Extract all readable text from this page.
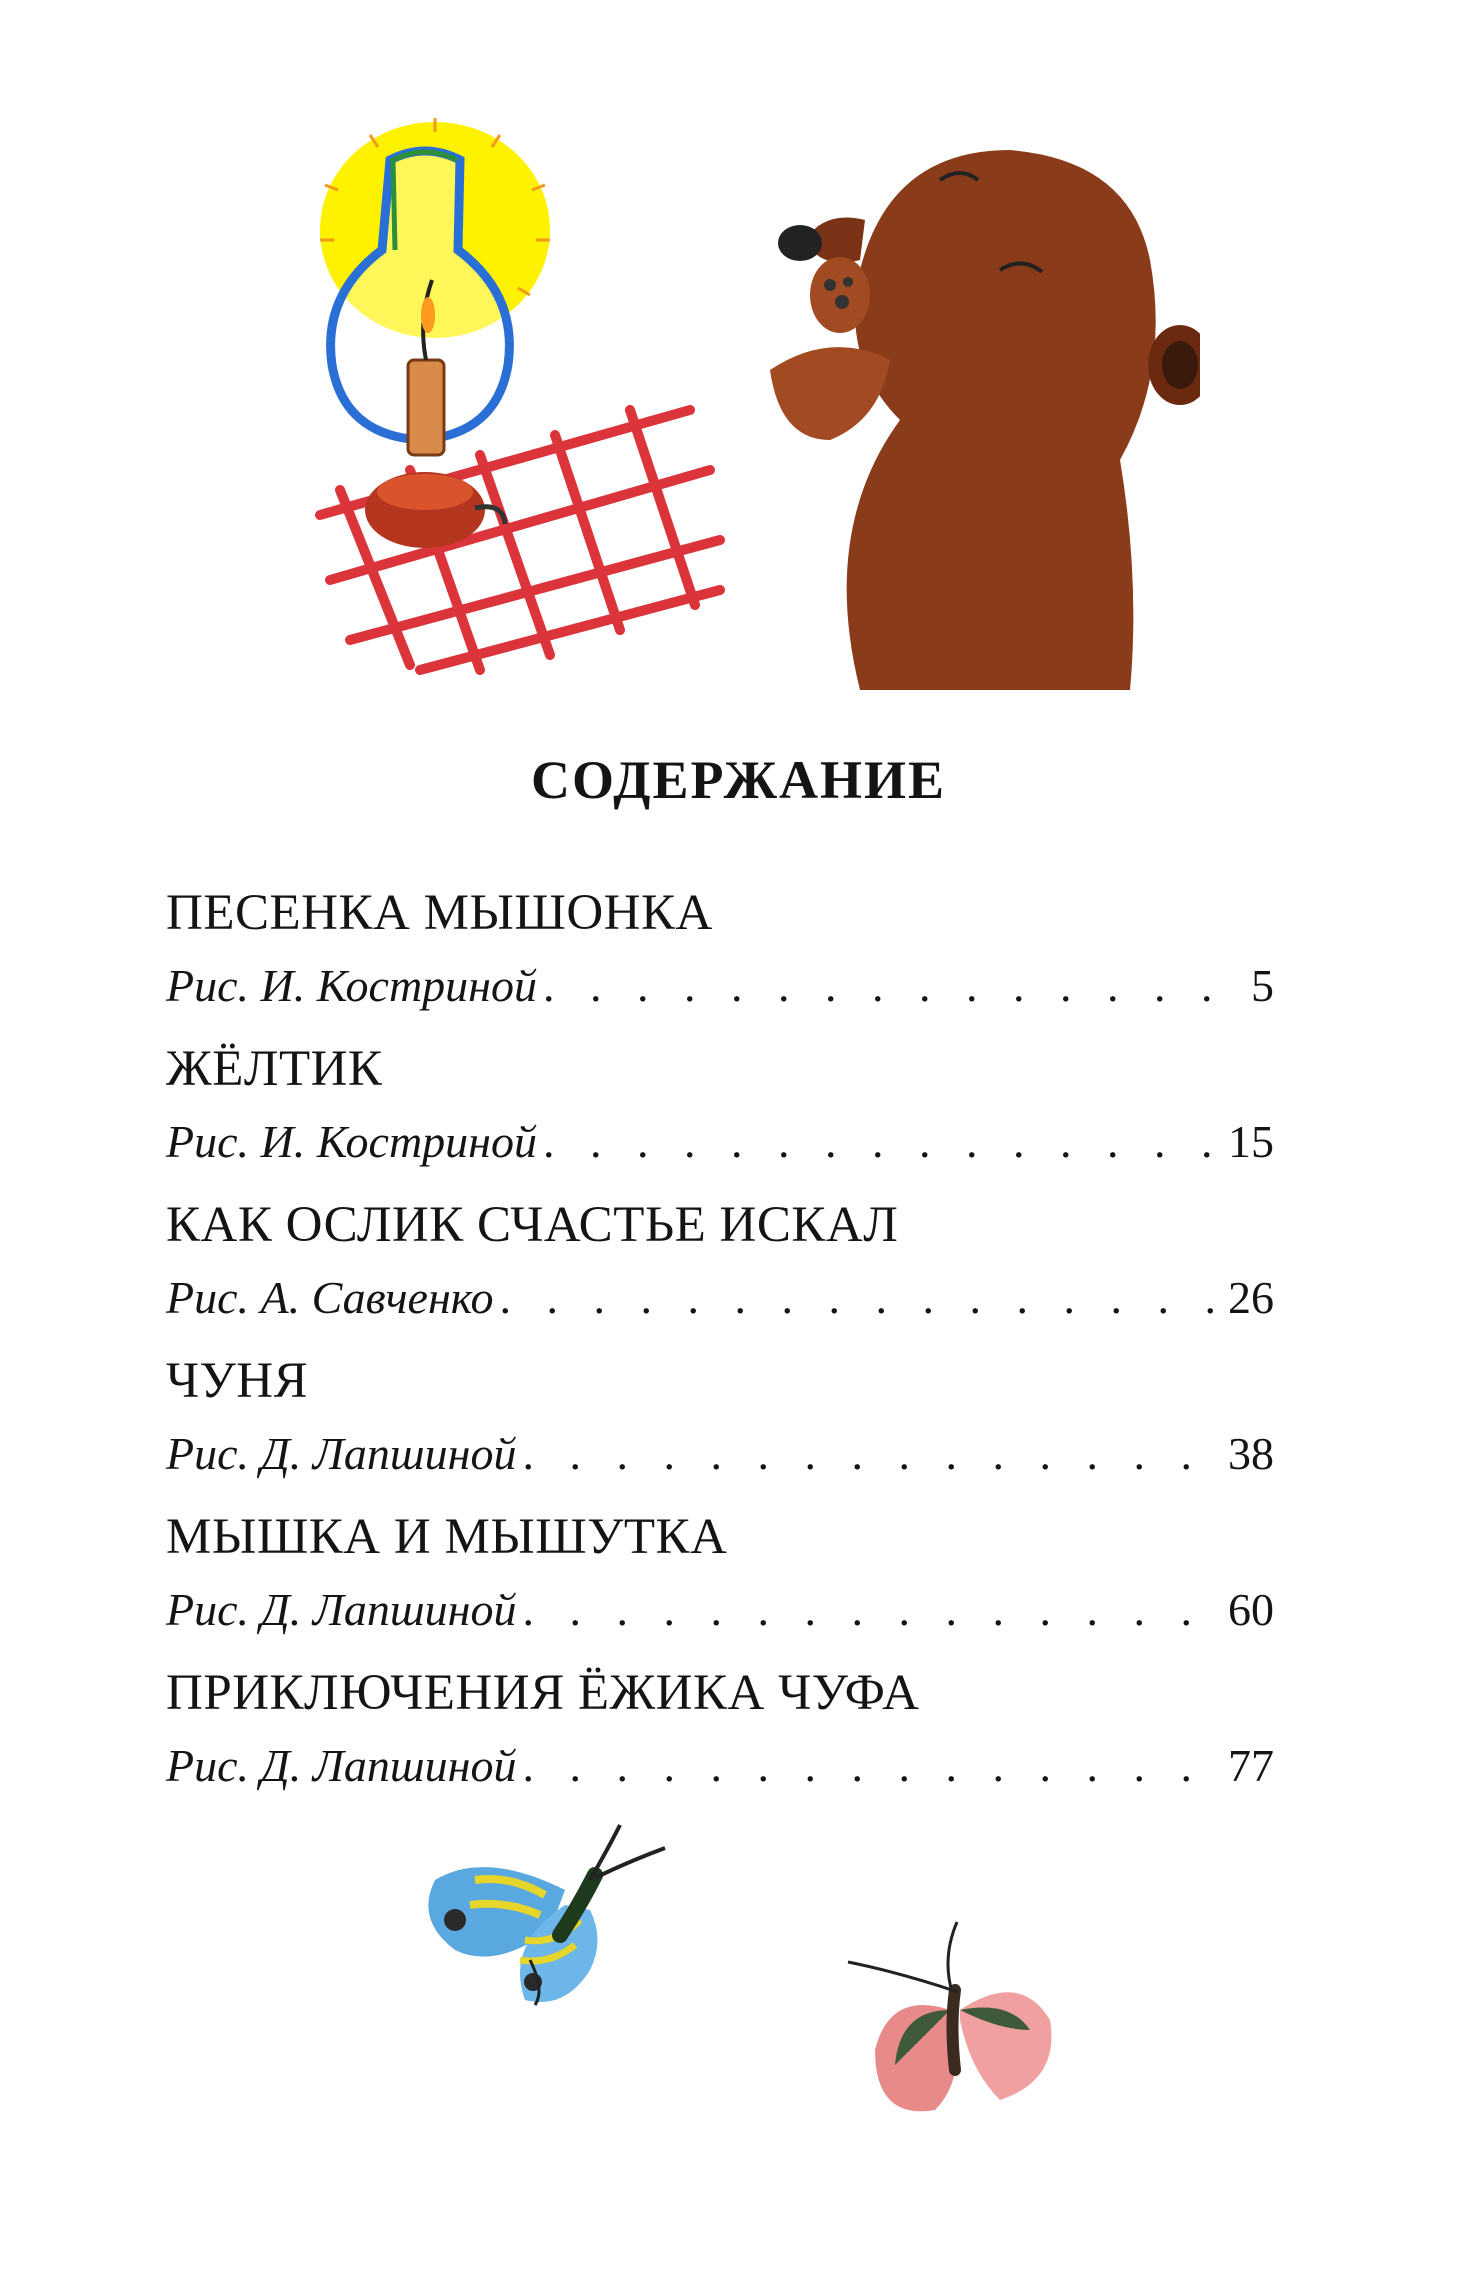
СОДЕРЖАНИЕ
ПЕСЕНКА МЫШОНКА
Рис. И. Костриной . . .	5
ЖЁЛТИК
Рис. И. Костриной . . .	15
КАК ОСЛИК СЧАСТЬЕ ИСКАЛ
Рис. А. Савченко . . .	26
ЧУНЯ
Рис. Д. Лапшиной . . .	38
МЫШКА И МЫШУТКА
Рис. Д. Лапшиной . . .	60
ПРИКЛЮЧЕНИЯ ЁЖИКА ЧУФА
Рис. Д. Лапшиной . . .	77
